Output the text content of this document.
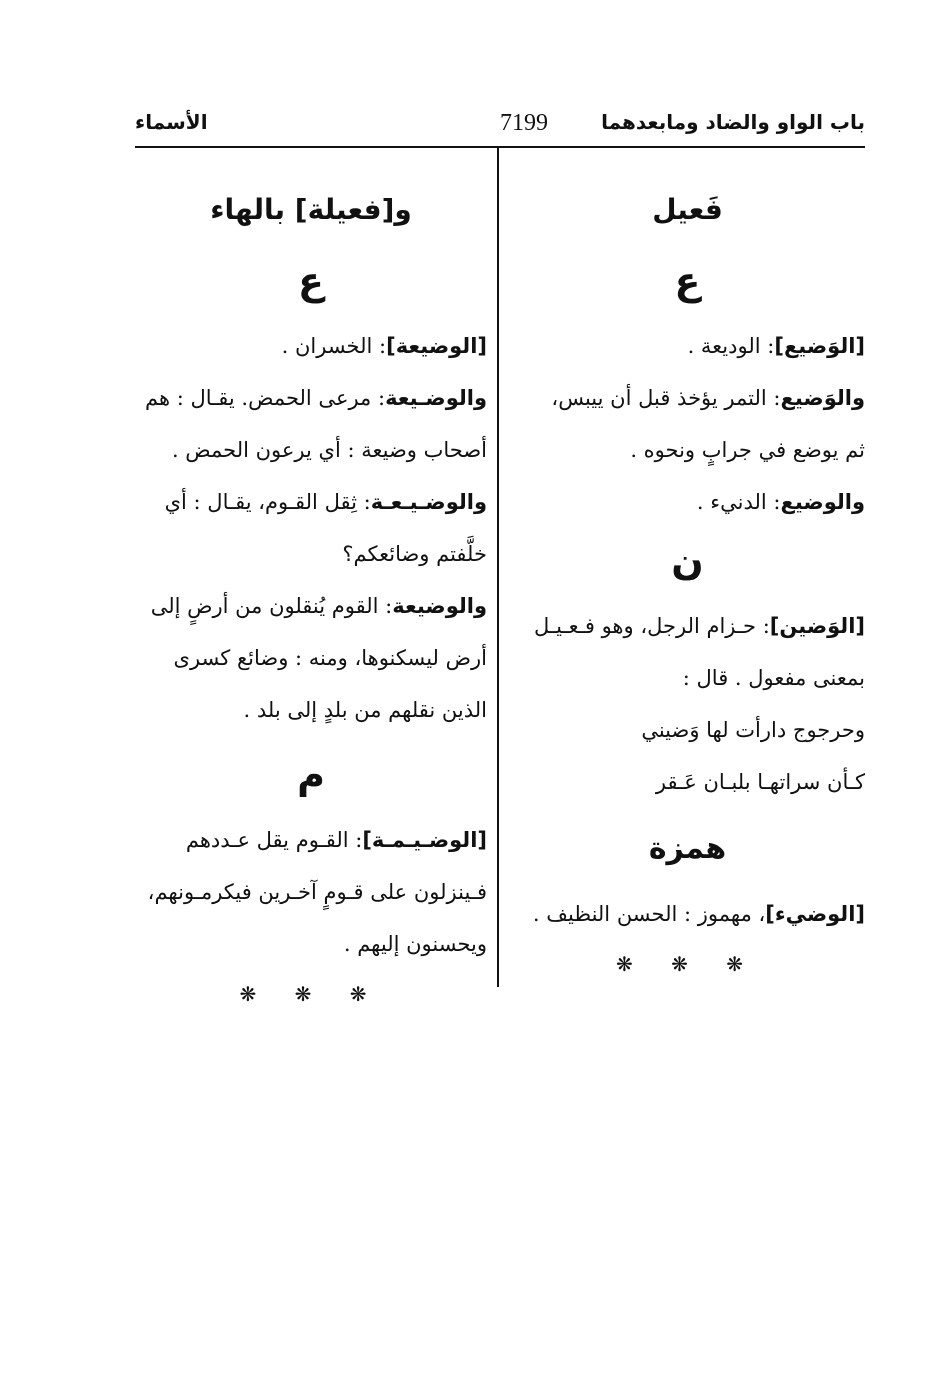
باب الواو والضاد ومابعدهما
7199
الأسماء
فَعيل
ع
[الوَضيع]: الوديعة .
والوَضيع: التمر يؤخذ قبل أن ييبس،
ثم يوضع في جرابٍ ونحوه .
والوضيع: الدنيء .
ن
[الوَضين]: حـزام الرجل، وهو فـعـيـل
بمعنى مفعول . قال :
وحرجوج دارأت لها وَضيني
كـأن سراتهـا بلبـان عَـقر
همزة
[الوضيء]، مهموز : الحسن النظيف .
❋ ❋ ❋
و[فعيلة] بالهاء
ع
[الوضيعة]: الخسران .
والوضـيعة: مرعى الحمض. يقـال : هم
أصحاب وضيعة : أي يرعون الحمض .
والوضـيـعـة: ثِقل القـوم، يقـال : أي
خلَّفتم وضائعكم؟
والوضيعة: القوم يُنقلون من أرضٍ إلى
أرض ليسكنوها، ومنه : وضائع كسرى
الذين نقلهم من بلدٍ إلى بلد .
م
[الوضـيـمـة]: القـوم يقل عـددهم
فـينزلون على قـومٍ آخـرين فيكرمـونهم،
ويحسنون إليهم .
❋ ❋ ❋
